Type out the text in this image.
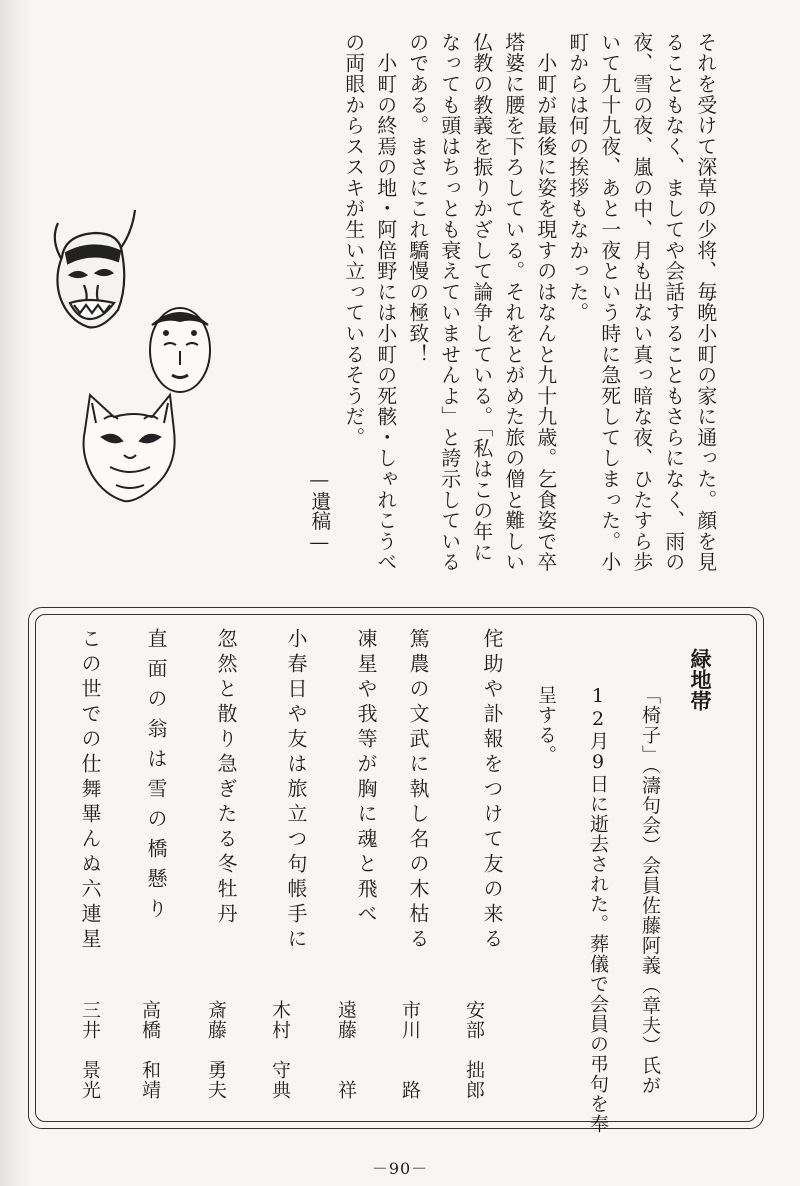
それを受けて深草の少将、毎晩小町の家に通った。顔を見
ることもなく、ましてや会話することもさらになく、雨の
夜、雪の夜、嵐の中、月も出ない真っ暗な夜、ひたすら歩
いて九十九夜、あと一夜という時に急死してしまった。小
町からは何の挨拶もなかった。
　小町が最後に姿を現すのはなんと九十九歳。乞食姿で卒
塔婆に腰を下ろしている。それをとがめた旅の僧と難しい
仏教の教義を振りかざして論争している。「私はこの年に
なっても頭はちっとも衰えていませんよ」と誇示している
のである。まさにこれ驕慢の極致！
　小町の終焉の地・阿倍野には小町の死骸・しゃれこうべ
の両眼からススキが生い立っているそうだ。
—遺稿—
緑地帯
「椅子」（濤句会）会員佐藤阿義（章夫）氏が
12月9日に逝去された。葬儀で会員の弔句を奉
呈する。
侘助や訃報をつけて友の来る
安部　拙郎
篤農の文武に執し名の木枯る
市川　　路
凍星や我等が胸に魂と飛べ
遠藤　　祥
小春日や友は旅立つ句帳手に
木村　守典
忽然と散り急ぎたる冬牡丹
斎藤　勇夫
直面の翁は雪の橋懸り
高橋　和靖
この世での仕舞畢んぬ六連星
三井　景光
－90－
